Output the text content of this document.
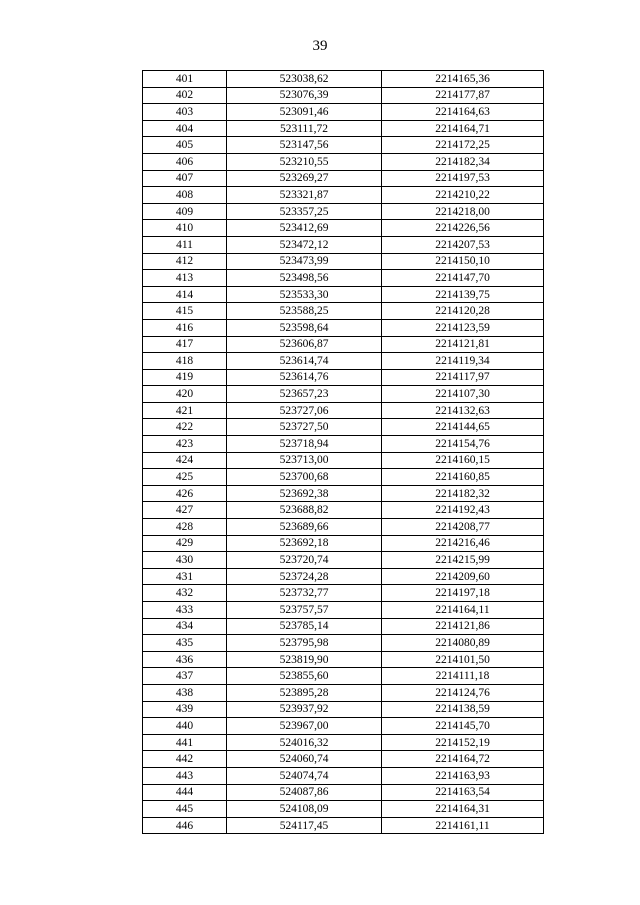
39
401	523038,62	2214165,36
402	523076,39	2214177,87
403	523091,46	2214164,63
404	523111,72	2214164,71
405	523147,56	2214172,25
406	523210,55	2214182,34
407	523269,27	2214197,53
408	523321,87	2214210,22
409	523357,25	2214218,00
410	523412,69	2214226,56
411	523472,12	2214207,53
412	523473,99	2214150,10
413	523498,56	2214147,70
414	523533,30	2214139,75
415	523588,25	2214120,28
416	523598,64	2214123,59
417	523606,87	2214121,81
418	523614,74	2214119,34
419	523614,76	2214117,97
420	523657,23	2214107,30
421	523727,06	2214132,63
422	523727,50	2214144,65
423	523718,94	2214154,76
424	523713,00	2214160,15
425	523700,68	2214160,85
426	523692,38	2214182,32
427	523688,82	2214192,43
428	523689,66	2214208,77
429	523692,18	2214216,46
430	523720,74	2214215,99
431	523724,28	2214209,60
432	523732,77	2214197,18
433	523757,57	2214164,11
434	523785,14	2214121,86
435	523795,98	2214080,89
436	523819,90	2214101,50
437	523855,60	2214111,18
438	523895,28	2214124,76
439	523937,92	2214138,59
440	523967,00	2214145,70
441	524016,32	2214152,19
442	524060,74	2214164,72
443	524074,74	2214163,93
444	524087,86	2214163,54
445	524108,09	2214164,31
446	524117,45	2214161,11
